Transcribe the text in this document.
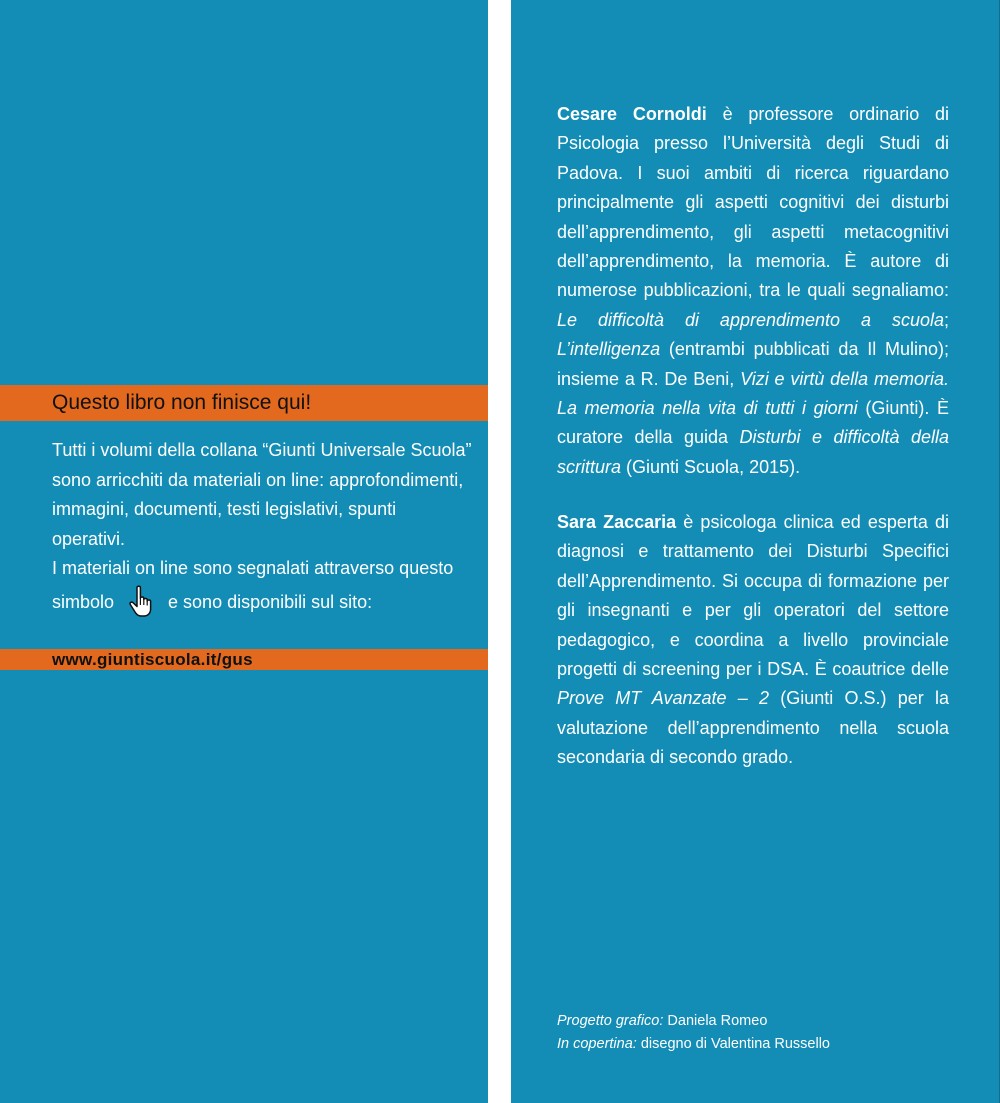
Questo libro non finisce qui!

Tutti i volumi della collana “Giunti Universale Scuola” sono arricchiti da materiali on line: approfondimenti, immagini, documenti, testi legislativi, spunti operativi.

I materiali on line sono segnalati attraverso questo simbolo	e sono disponibili sul sito:

www.giuntiscuola.it/gus

Cesare Cornoldi è professore ordinario di Psicologia presso l’Università degli Studi di Padova. I suoi ambiti di ricerca riguardano principalmente gli aspetti cognitivi dei disturbi dell’apprendimento, gli aspetti metacognitivi dell’apprendimento, la memoria. È autore di numerose pubblicazioni, tra le quali segnaliamo: Le difficoltà di apprendimento a scuola; L’intelligenza (entrambi pubblicati da Il Mulino); insieme a R. De Beni, Vizi e virtù della memoria. La memoria nella vita di tutti i giorni (Giunti). È curatore della guida Disturbi e difficoltà della scrittura (Giunti Scuola, 2015).

Sara Zaccaria è psicologa clinica ed esperta di diagnosi e trattamento dei Disturbi Specifici dell’Apprendimento. Si occupa di formazione per gli insegnanti e per gli operatori del settore pedagogico, e coordina a livello provinciale progetti di screening per i DSA. È coautrice delle Prove MT Avanzate – 2 (Giunti O.S.) per la valutazione dell’apprendimento nella scuola secondaria di secondo grado.

Progetto grafico: Daniela Romeo

In copertina: disegno di Valentina Russello
